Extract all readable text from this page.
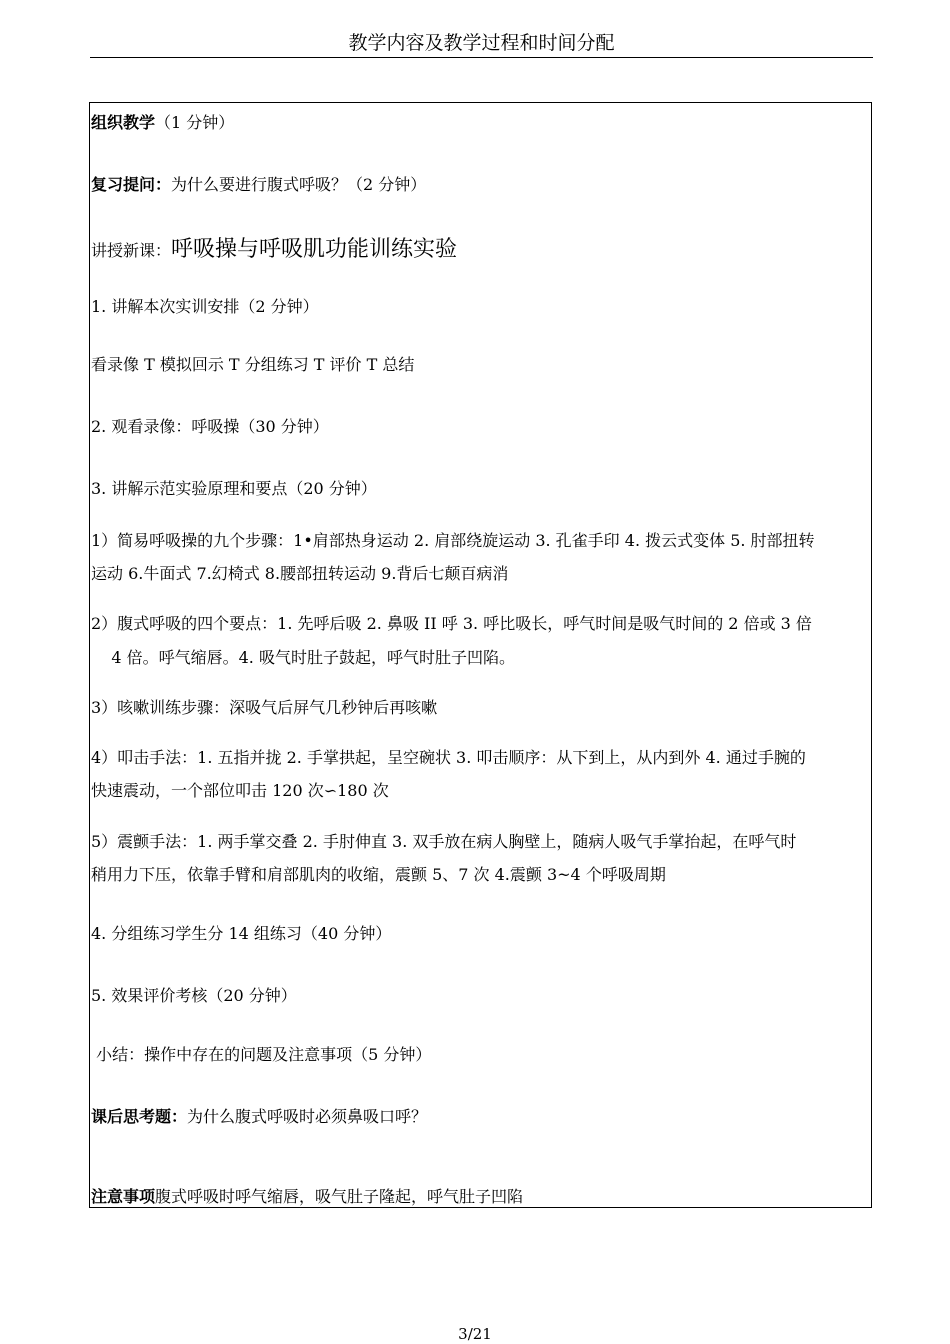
教学内容及教学过程和时间分配
组织教学（1 分钟）
复习提问：为什么要进行腹式呼吸？（2 分钟）
讲授新课：呼吸操与呼吸肌功能训练实验
1. 讲解本次实训安排（2 分钟）
看录像 T 模拟回示 T 分组练习 T 评价 T 总结
2. 观看录像：呼吸操（30 分钟）
3. 讲解示范实验原理和要点（20 分钟）
1）简易呼吸操的九个步骤：1•肩部热身运动 2. 肩部绕旋运动 3. 孔雀手印 4. 拨云式变体 5. 肘部扭转
运动 6.牛面式 7.幻椅式 8.腰部扭转运动 9.背后七颠百病消
2）腹式呼吸的四个要点：1. 先呼后吸 2. 鼻吸 II 呼 3. 呼比吸长，呼气时间是吸气时间的 2 倍或 3 倍
4 倍。呼气缩唇。4. 吸气时肚子鼓起，呼气时肚子凹陷。
3）咳嗽训练步骤：深吸气后屏气几秒钟后再咳嗽
4）叩击手法：1. 五指并拢 2. 手掌拱起，呈空碗状 3. 叩击顺序：从下到上，从内到外 4. 通过手腕的
快速震动，一个部位叩击 120 次∽180 次
5）震颤手法：1. 两手掌交叠 2. 手肘伸直 3. 双手放在病人胸壁上，随病人吸气手掌抬起，在呼气时
稍用力下压，依靠手臂和肩部肌肉的收缩，震颤 5、7 次 4.震颤 3~4 个呼吸周期
4. 分组练习学生分 14 组练习（40 分钟）
5. 效果评价考核（20 分钟）
小结：操作中存在的问题及注意事项（5 分钟）
课后思考题：为什么腹式呼吸时必须鼻吸口呼？
注意事项腹式呼吸时呼气缩唇，吸气肚子隆起，呼气肚子凹陷
3/21
